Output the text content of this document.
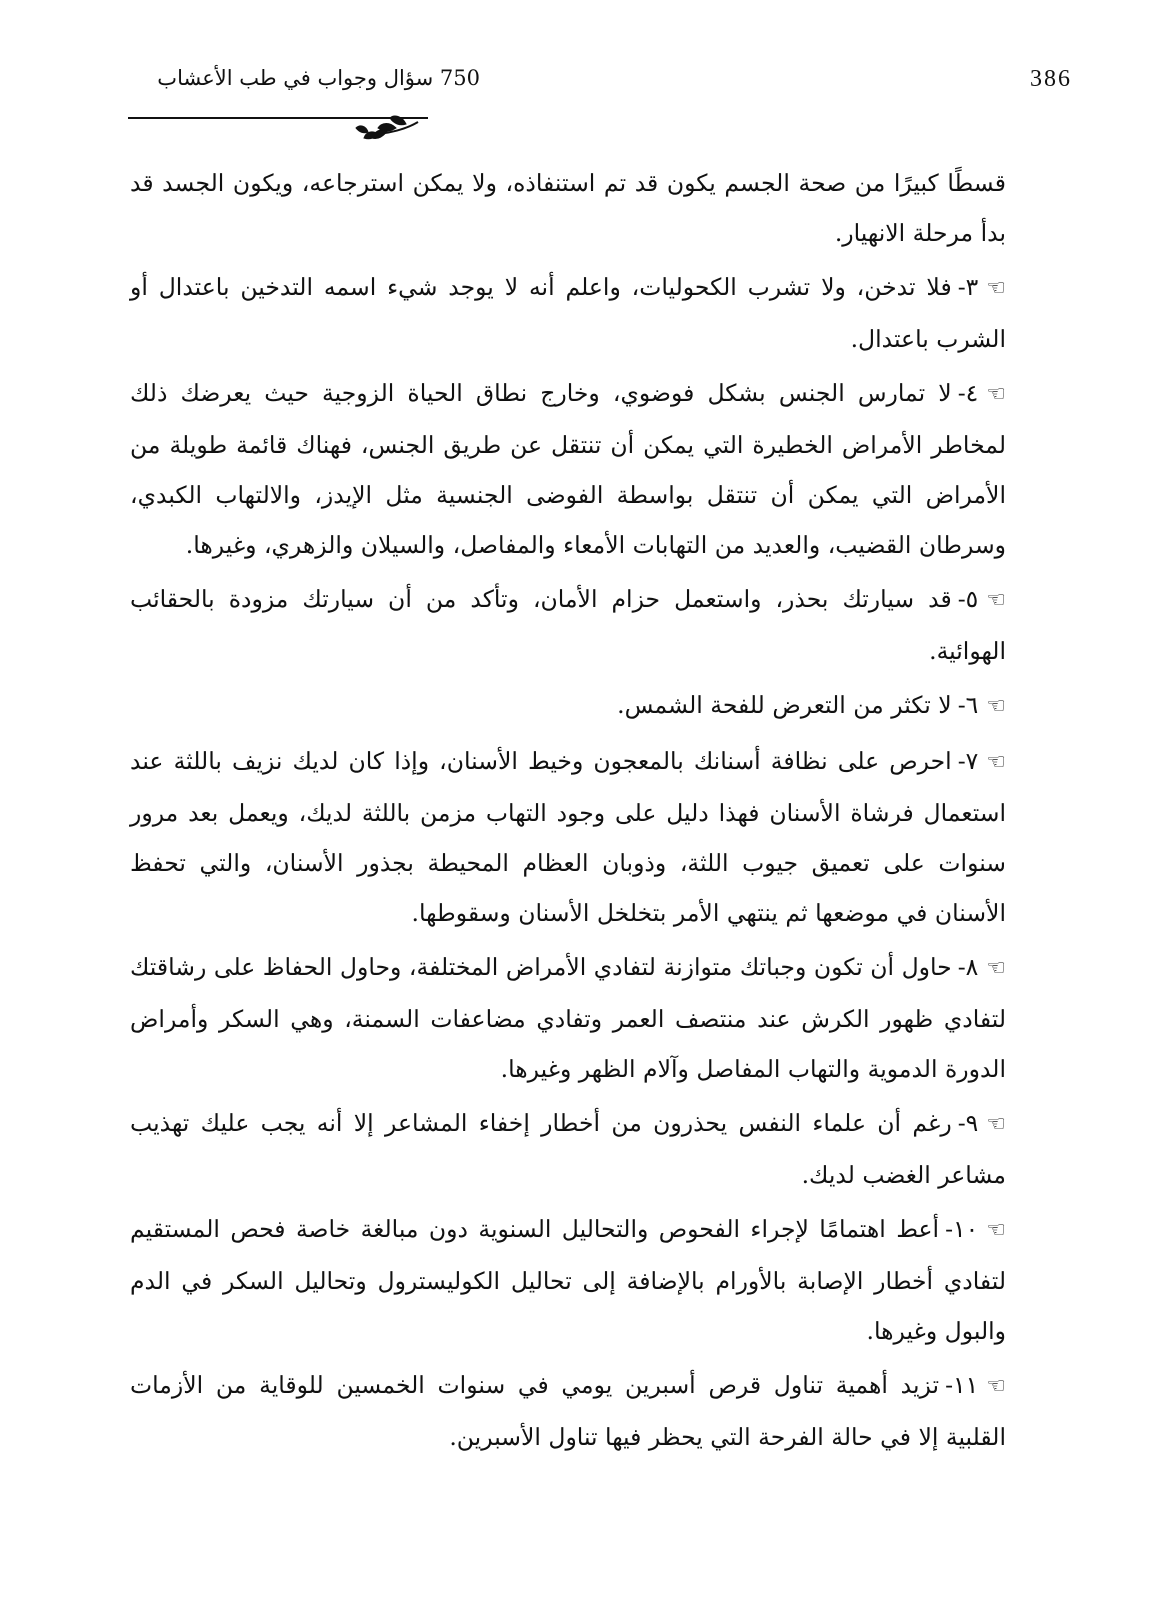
386
750 سؤال وجواب في طب الأعشاب

قسطًا كبيرًا من صحة الجسم يكون قد تم استنفاذه، ولا يمكن استرجاعه، ويكون الجسد قد بدأ مرحلة الانهيار.

☜٣-فلا تدخن، ولا تشرب الكحوليات، واعلم أنه لا يوجد شيء اسمه التدخين باعتدال أو الشرب باعتدال.

☜٤-لا تمارس الجنس بشكل فوضوي، وخارج نطاق الحياة الزوجية حيث يعرضك ذلك لمخاطر الأمراض الخطيرة التي يمكن أن تنتقل عن طريق الجنس، فهناك قائمة طويلة من الأمراض التي يمكن أن تنتقل بواسطة الفوضى الجنسية مثل الإيدز، والالتهاب الكبدي، وسرطان القضيب، والعديد من التهابات الأمعاء والمفاصل، والسيلان والزهري، وغيرها.

☜٥-قد سيارتك بحذر، واستعمل حزام الأمان، وتأكد من أن سيارتك مزودة بالحقائب الهوائية.

☜٦-لا تكثر من التعرض للفحة الشمس.

☜٧-احرص على نظافة أسنانك بالمعجون وخيط الأسنان، وإذا كان لديك نزيف باللثة عند استعمال فرشاة الأسنان فهذا دليل على وجود التهاب مزمن باللثة لديك، ويعمل بعد مرور سنوات على تعميق جيوب اللثة، وذوبان العظام المحيطة بجذور الأسنان، والتي تحفظ الأسنان في موضعها ثم ينتهي الأمر بتخلخل الأسنان وسقوطها.

☜٨-حاول أن تكون وجباتك متوازنة لتفادي الأمراض المختلفة، وحاول الحفاظ على رشاقتك لتفادي ظهور الكرش عند منتصف العمر وتفادي مضاعفات السمنة، وهي السكر وأمراض الدورة الدموية والتهاب المفاصل وآلام الظهر وغيرها.

☜٩-رغم أن علماء النفس يحذرون من أخطار إخفاء المشاعر إلا أنه يجب عليك تهذيب مشاعر الغضب لديك.

☜١٠-أعط اهتمامًا لإجراء الفحوص والتحاليل السنوية دون مبالغة خاصة فحص المستقيم لتفادي أخطار الإصابة بالأورام بالإضافة إلى تحاليل الكوليسترول وتحاليل السكر في الدم والبول وغيرها.

☜١١-تزيد أهمية تناول قرص أسبرين يومي في سنوات الخمسين للوقاية من الأزمات القلبية إلا في حالة الفرحة التي يحظر فيها تناول الأسبرين.
